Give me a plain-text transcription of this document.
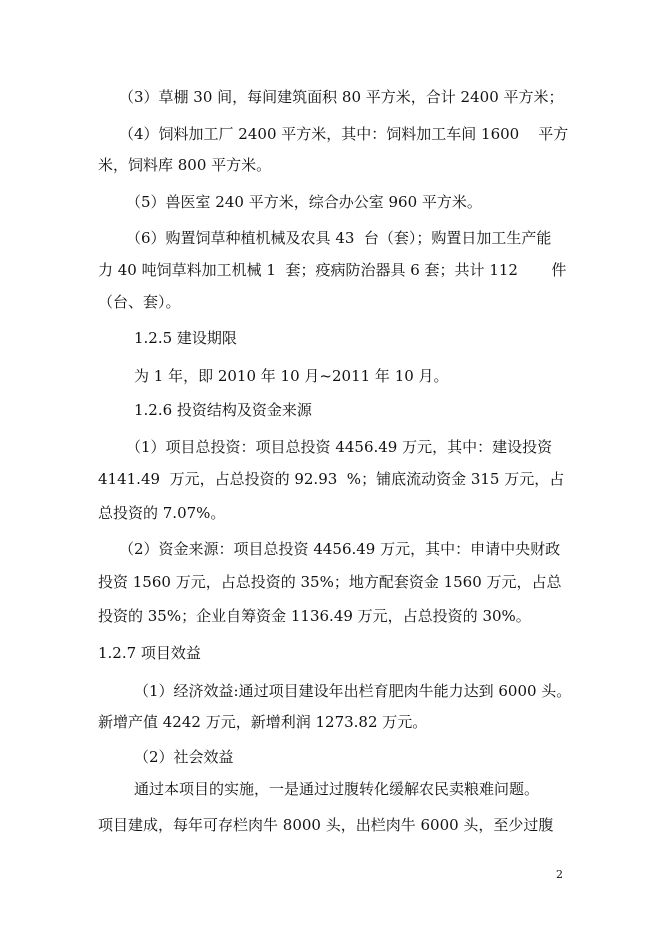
（3）草棚 30 间，每间建筑面积 80 平方米，合计 2400 平方米；
（4）饲料加工厂 2400 平方米，其中：饲料加工车间 1600    平方
米，饲料库 800 平方米。
（5）兽医室 240 平方米，综合办公室 960 平方米。
（6）购置饲草种植机械及农具 43  台（套）；购置日加工生产能
力 40 吨饲草料加工机械 1  套；疫病防治器具 6 套；共计 112       件
（台、套）。
1.2.5 建设期限
为 1 年，即 2010 年 10 月~2011 年 10 月。
1.2.6 投资结构及资金来源
（1）项目总投资：项目总投资 4456.49 万元，其中：建设投资
4141.49  万元，占总投资的 92.93  %；铺底流动资金 315 万元，占
总投资的 7.07%。
（2）资金来源：项目总投资 4456.49 万元，其中：申请中央财政
投资 1560 万元，占总投资的 35%；地方配套资金 1560 万元，占总
投资的 35%；企业自筹资金 1136.49 万元，占总投资的 30%。
1.2.7 项目效益
（1）经济效益:通过项目建设年出栏育肥肉牛能力达到 6000 头。
新增产值 4242 万元，新增利润 1273.82 万元。
（2）社会效益
通过本项目的实施，一是通过过腹转化缓解农民卖粮难问题。
项目建成，每年可存栏肉牛 8000 头，出栏肉牛 6000 头，至少过腹
2
